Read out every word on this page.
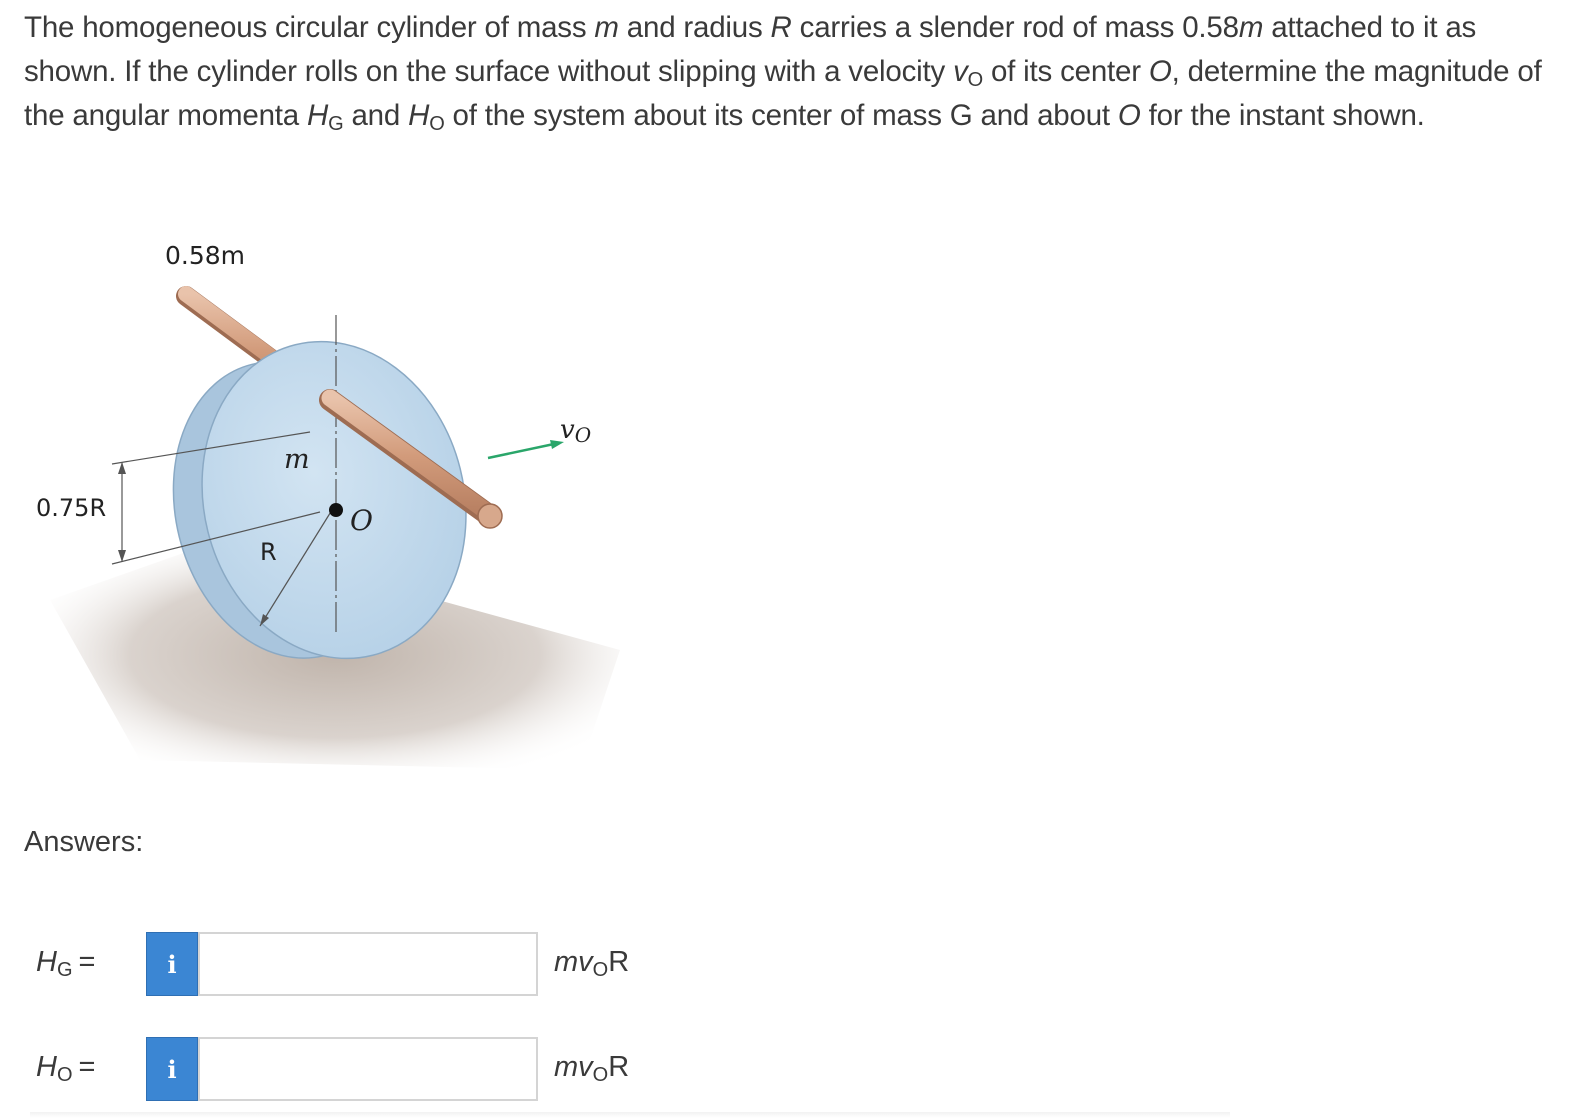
The homogeneous circular cylinder of mass m and radius R carries a slender rod of mass 0.58m attached to it as shown. If the cylinder rolls on the surface without slipping with a velocity $v_O$ of its center O, determine the magnitude of the angular momenta $H_G$ and $H_O$ of the system about its center of mass G and about O for the instant shown.
0.58m
m
0.75R
R
O
vO
Answers:
$H_G$ =	i	$mv_OR$
$H_O$ =	i	$mv_OR$
